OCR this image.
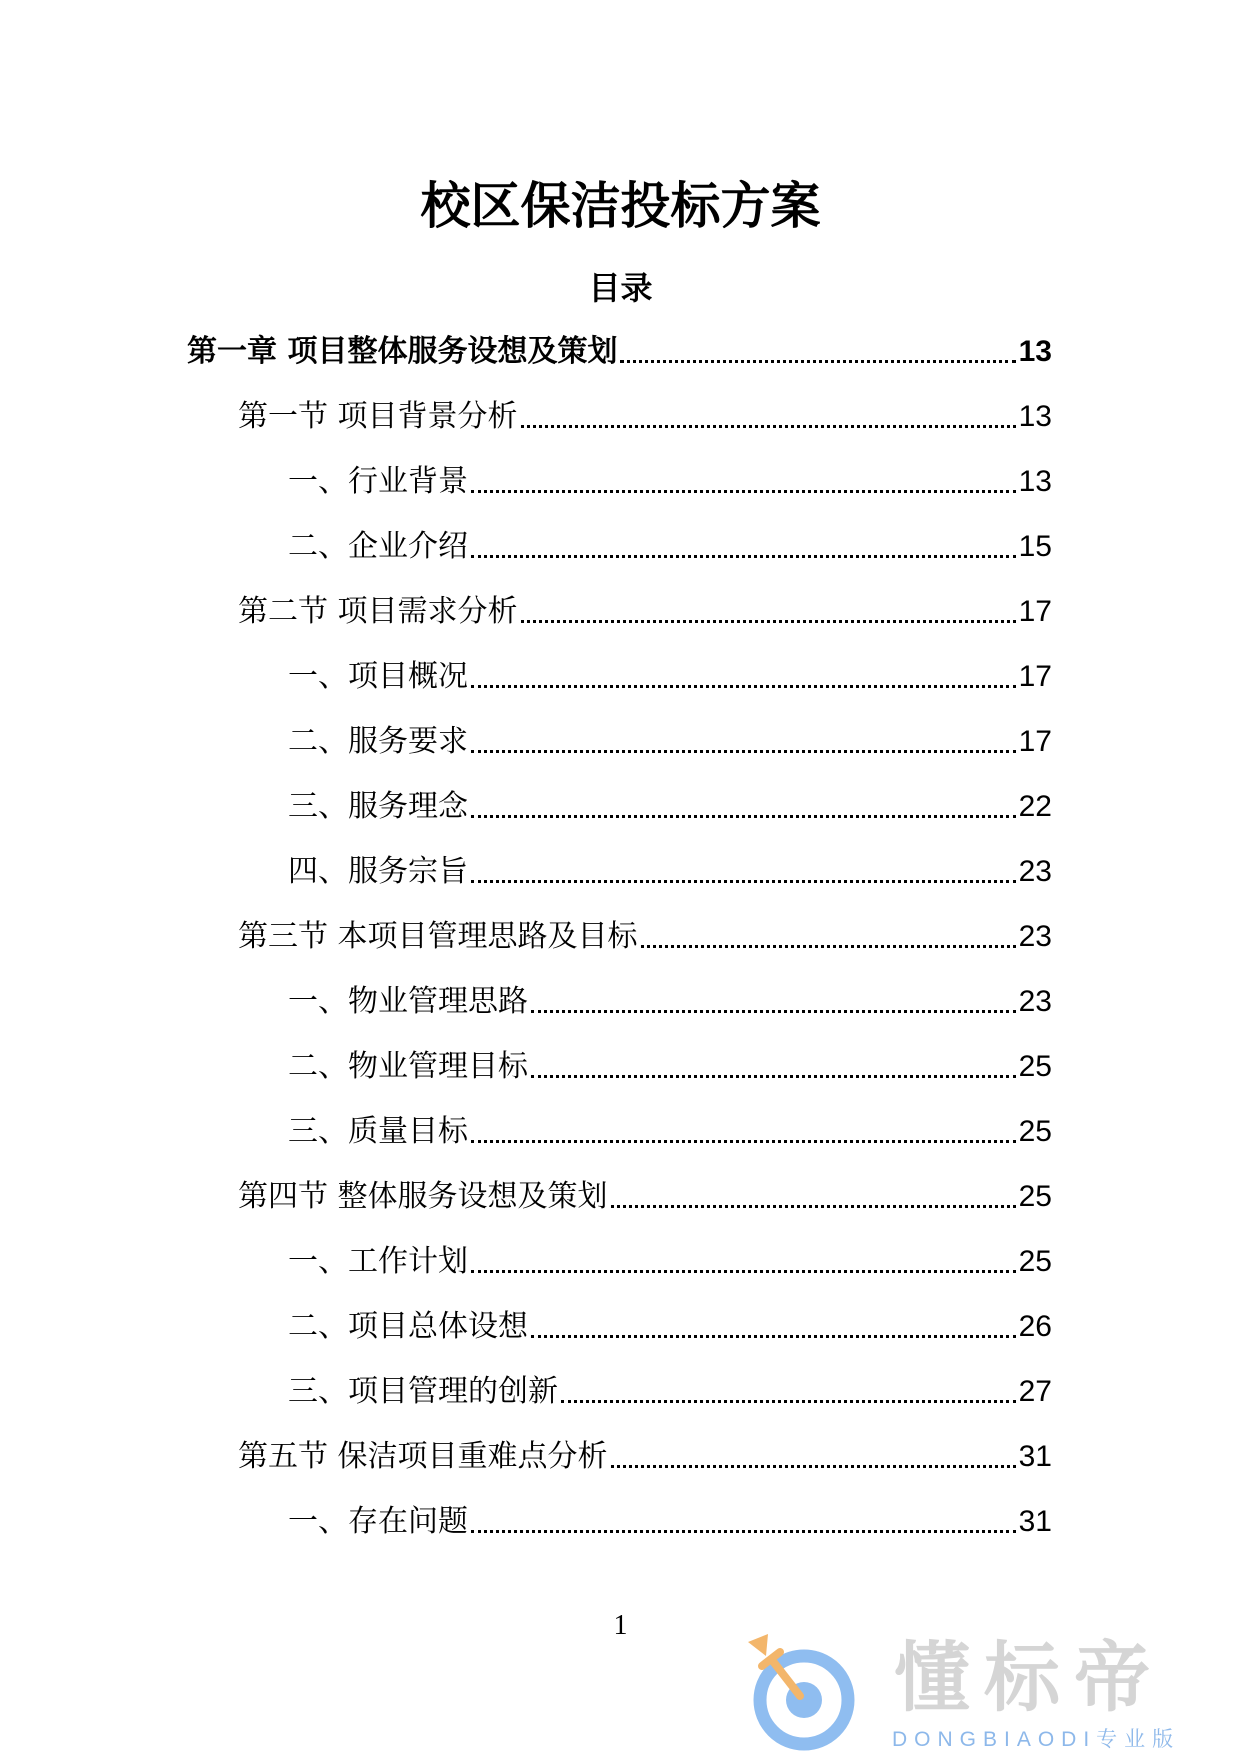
校区保洁投标方案
目录
第一章 项目整体服务设想及策划	13
第一节 项目背景分析	13
一、行业背景	13
二、企业介绍	15
第二节 项目需求分析	17
一、项目概况	17
二、服务要求	17
三、服务理念	22
四、服务宗旨	23
第三节 本项目管理思路及目标	23
一、物业管理思路	23
二、物业管理目标	25
三、质量目标	25
第四节 整体服务设想及策划	25
一、工作计划	25
二、项目总体设想	26
三、项目管理的创新	27
第五节 保洁项目重难点分析	31
一、存在问题	31
1
懂标帝
DONGBIAODI专业版
